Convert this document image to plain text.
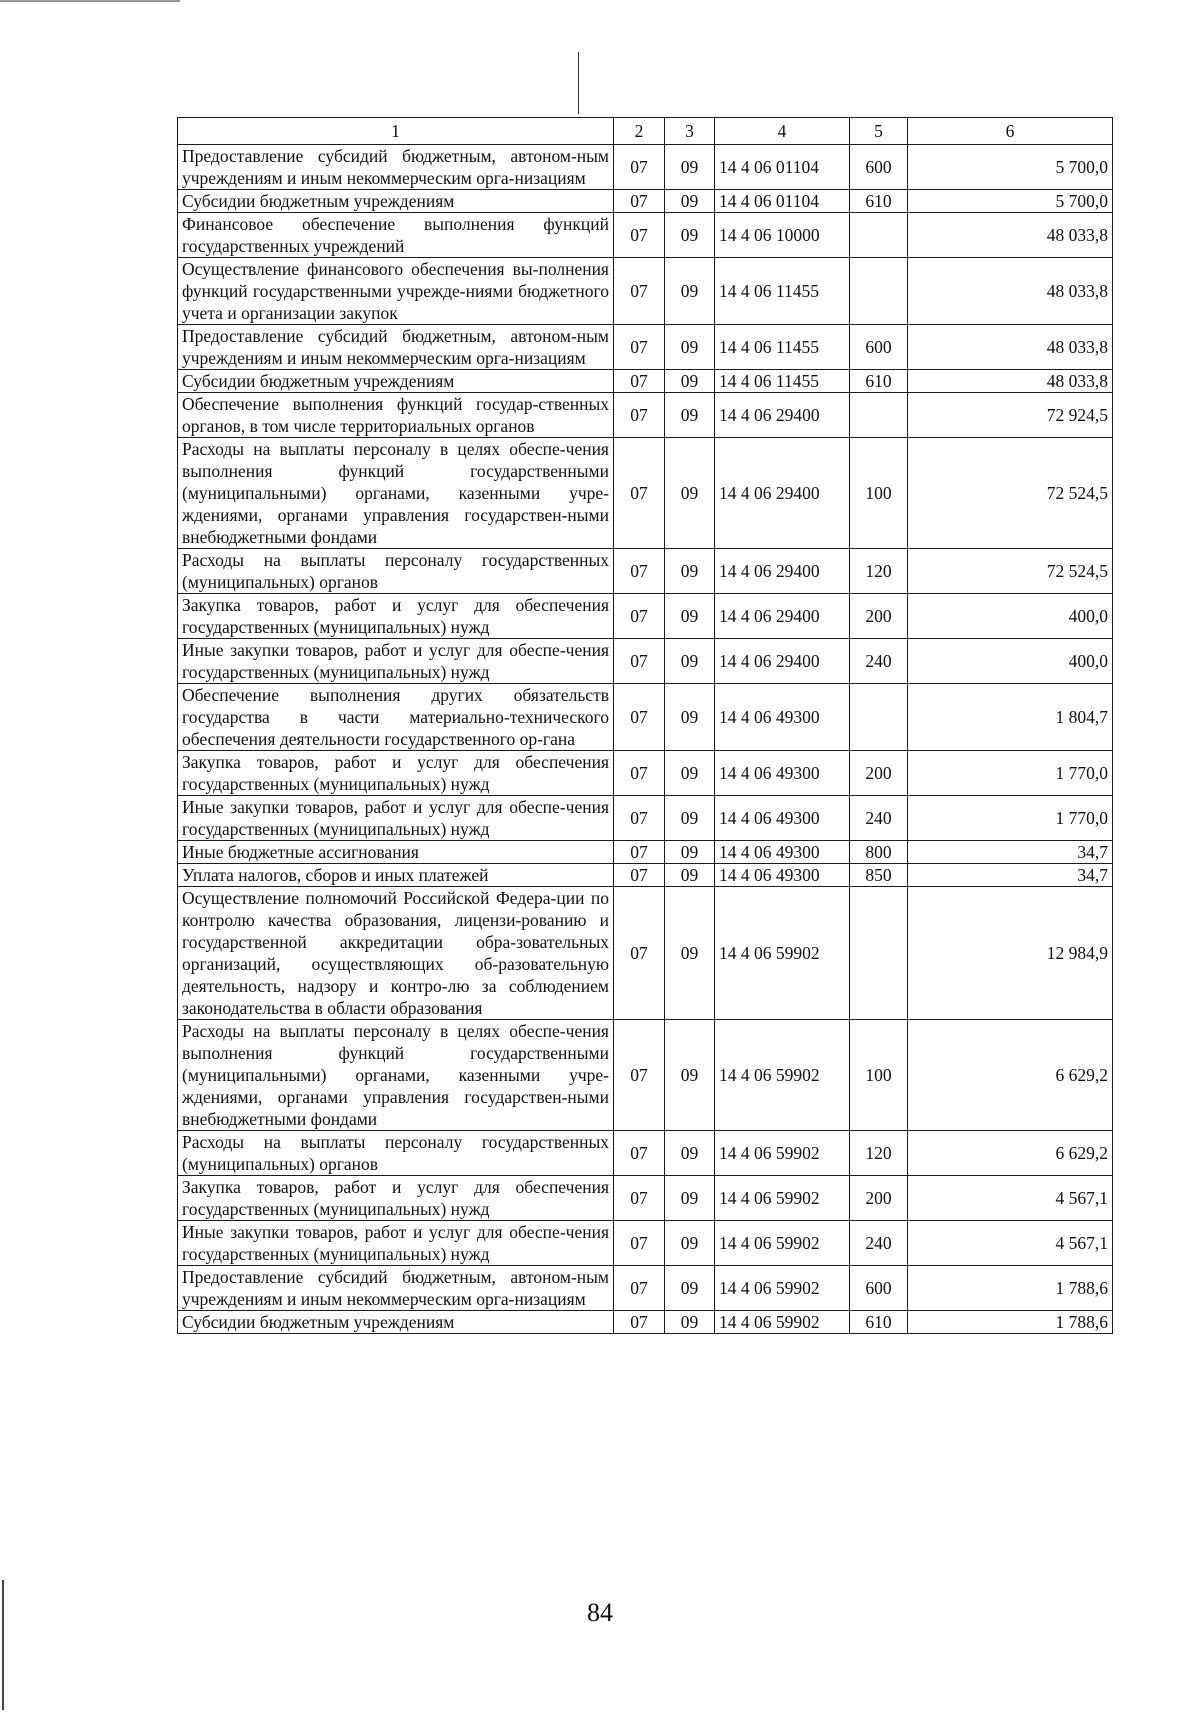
1	2	3	4	5	6
Предоставление субсидий бюджетным, автоном-ным учреждениям и иным некоммерческим орга-низациям	07	09	14 4 06 01104	600	5 700,0
Субсидии бюджетным учреждениям	07	09	14 4 06 01104	610	5 700,0
Финансовое обеспечение выполнения функций государственных учреждений	07	09	14 4 06 10000		48 033,8
Осуществление финансового обеспечения вы-полнения функций государственными учрежде-ниями бюджетного учета и организации закупок	07	09	14 4 06 11455		48 033,8
Предоставление субсидий бюджетным, автоном-ным учреждениям и иным некоммерческим орга-низациям	07	09	14 4 06 11455	600	48 033,8
Субсидии бюджетным учреждениям	07	09	14 4 06 11455	610	48 033,8
Обеспечение выполнения функций государ-ственных органов, в том числе территориальных органов	07	09	14 4 06 29400		72 924,5
Расходы на выплаты персоналу в целях обеспе-чения выполнения функций государственными (муниципальными) органами, казенными учре-ждениями, органами управления государствен-ными внебюджетными фондами	07	09	14 4 06 29400	100	72 524,5
Расходы на выплаты персоналу государственных (муниципальных) органов	07	09	14 4 06 29400	120	72 524,5
Закупка товаров, работ и услуг для обеспечения государственных (муниципальных) нужд	07	09	14 4 06 29400	200	400,0
Иные закупки товаров, работ и услуг для обеспе-чения государственных (муниципальных) нужд	07	09	14 4 06 29400	240	400,0
Обеспечение выполнения других обязательств государства в части материально-технического обеспечения деятельности государственного ор-гана	07	09	14 4 06 49300		1 804,7
Закупка товаров, работ и услуг для обеспечения государственных (муниципальных) нужд	07	09	14 4 06 49300	200	1 770,0
Иные закупки товаров, работ и услуг для обеспе-чения государственных (муниципальных) нужд	07	09	14 4 06 49300	240	1 770,0
Иные бюджетные ассигнования	07	09	14 4 06 49300	800	34,7
Уплата налогов, сборов и иных платежей	07	09	14 4 06 49300	850	34,7
Осуществление полномочий Российской Федера-ции по контролю качества образования, лицензи-рованию и государственной аккредитации обра-зовательных организаций, осуществляющих об-разовательную деятельность, надзору и контро-лю за соблюдением законодательства в области образования	07	09	14 4 06 59902		12 984,9
Расходы на выплаты персоналу в целях обеспе-чения выполнения функций государственными (муниципальными) органами, казенными учре-ждениями, органами управления государствен-ными внебюджетными фондами	07	09	14 4 06 59902	100	6 629,2
Расходы на выплаты персоналу государственных (муниципальных) органов	07	09	14 4 06 59902	120	6 629,2
Закупка товаров, работ и услуг для обеспечения государственных (муниципальных) нужд	07	09	14 4 06 59902	200	4 567,1
Иные закупки товаров, работ и услуг для обеспе-чения государственных (муниципальных) нужд	07	09	14 4 06 59902	240	4 567,1
Предоставление субсидий бюджетным, автоном-ным учреждениям и иным некоммерческим орга-низациям	07	09	14 4 06 59902	600	1 788,6
Субсидии бюджетным учреждениям	07	09	14 4 06 59902	610	1 788,6
84
